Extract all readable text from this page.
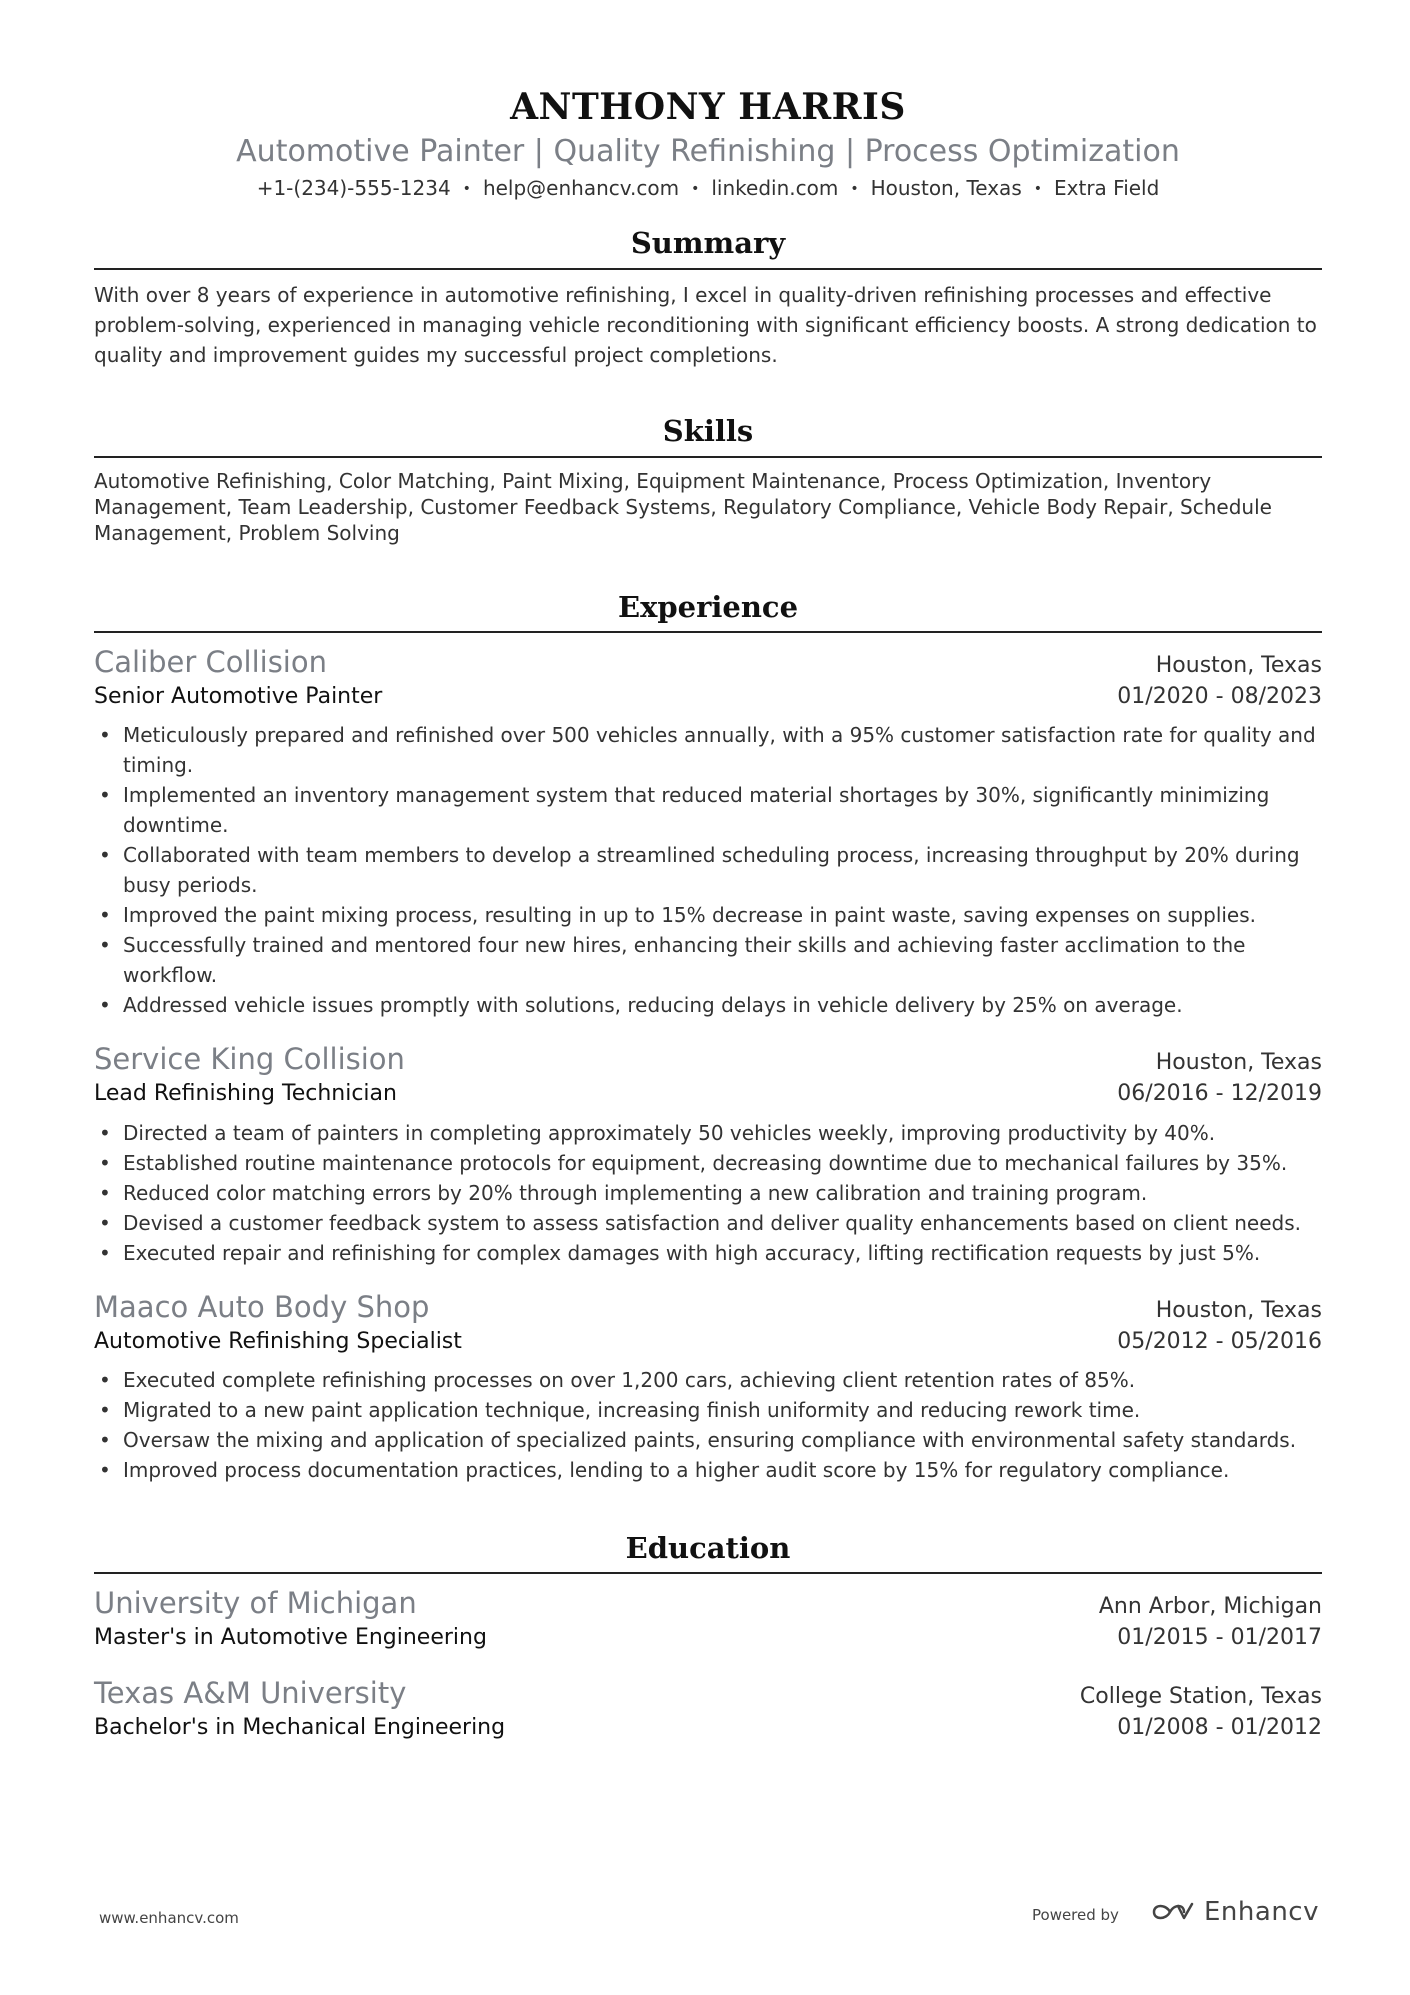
ANTHONY HARRIS
Automotive Painter | Quality Refinishing | Process Optimization
+1-(234)-555-1234 • help@enhancv.com • linkedin.com • Houston, Texas • Extra Field
Summary
With over 8 years of experience in automotive refinishing, I excel in quality-driven refinishing processes and effective problem-solving, experienced in managing vehicle reconditioning with significant efficiency boosts. A strong dedication to quality and improvement guides my successful project completions.
Skills
Automotive Refinishing, Color Matching, Paint Mixing, Equipment Maintenance, Process Optimization, Inventory Management, Team Leadership, Customer Feedback Systems, Regulatory Compliance, Vehicle Body Repair, Schedule Management, Problem Solving
Experience
Caliber Collision	Houston, Texas
Senior Automotive Painter	01/2020 - 08/2023
• Meticulously prepared and refinished over 500 vehicles annually, with a 95% customer satisfaction rate for quality and timing.
• Implemented an inventory management system that reduced material shortages by 30%, significantly minimizing downtime.
• Collaborated with team members to develop a streamlined scheduling process, increasing throughput by 20% during busy periods.
• Improved the paint mixing process, resulting in up to 15% decrease in paint waste, saving expenses on supplies.
• Successfully trained and mentored four new hires, enhancing their skills and achieving faster acclimation to the workflow.
• Addressed vehicle issues promptly with solutions, reducing delays in vehicle delivery by 25% on average.
Service King Collision	Houston, Texas
Lead Refinishing Technician	06/2016 - 12/2019
• Directed a team of painters in completing approximately 50 vehicles weekly, improving productivity by 40%.
• Established routine maintenance protocols for equipment, decreasing downtime due to mechanical failures by 35%.
• Reduced color matching errors by 20% through implementing a new calibration and training program.
• Devised a customer feedback system to assess satisfaction and deliver quality enhancements based on client needs.
• Executed repair and refinishing for complex damages with high accuracy, lifting rectification requests by just 5%.
Maaco Auto Body Shop	Houston, Texas
Automotive Refinishing Specialist	05/2012 - 05/2016
• Executed complete refinishing processes on over 1,200 cars, achieving client retention rates of 85%.
• Migrated to a new paint application technique, increasing finish uniformity and reducing rework time.
• Oversaw the mixing and application of specialized paints, ensuring compliance with environmental safety standards.
• Improved process documentation practices, lending to a higher audit score by 15% for regulatory compliance.
Education
University of Michigan	Ann Arbor, Michigan
Master's in Automotive Engineering	01/2015 - 01/2017
Texas A&M University	College Station, Texas
Bachelor's in Mechanical Engineering	01/2008 - 01/2012
www.enhancv.com	Powered by	Enhancv
